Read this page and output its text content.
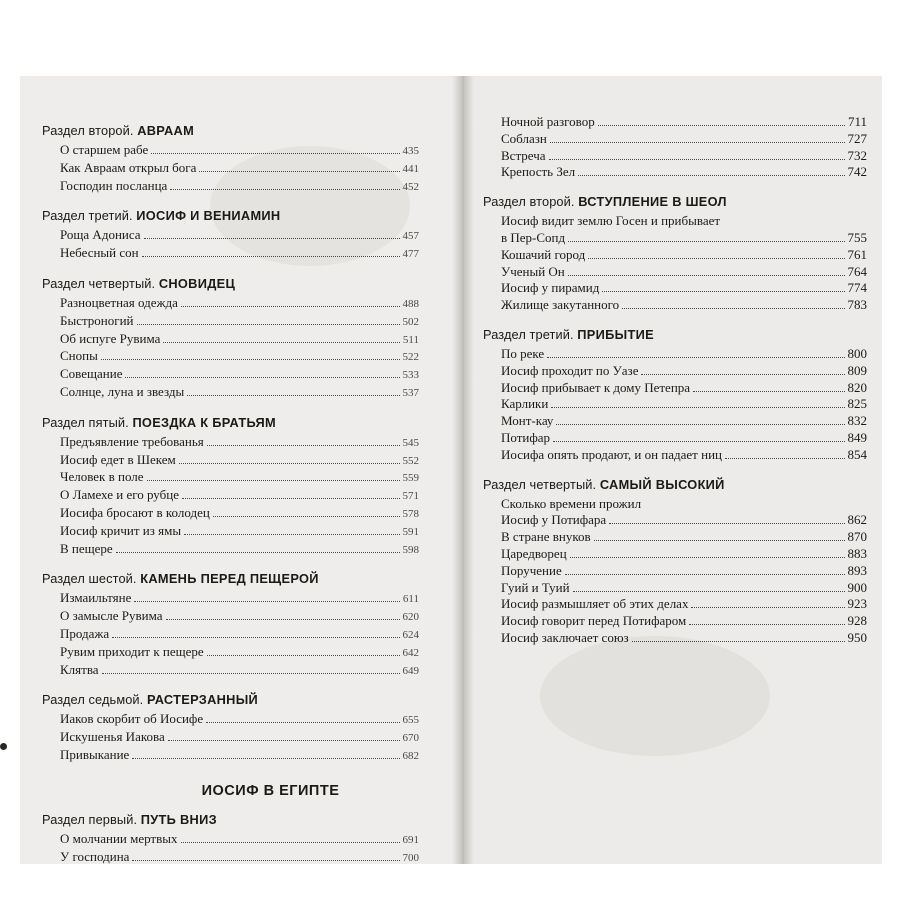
Раздел второй. АВРААМ
О старшем рабе	435
Как Авраам открыл бога	441
Господин посланца	452
Раздел третий. ИОСИФ И ВЕНИАМИН
Роща Адониса	457
Небесный сон	477
Раздел четвертый. СНОВИДЕЦ
Разноцветная одежда	488
Быстроногий	502
Об испуге Рувима	511
Снопы	522
Совещание	533
Солнце, луна и звезды	537
Раздел пятый. ПОЕЗДКА К БРАТЬЯМ
Предъявление требованья	545
Иосиф едет в Шекем	552
Человек в поле	559
О Ламехе и его рубце	571
Иосифа бросают в колодец	578
Иосиф кричит из ямы	591
В пещере	598
Раздел шестой. КАМЕНЬ ПЕРЕД ПЕЩЕРОЙ
Измаильтяне	611
О замысле Рувима	620
Продажа	624
Рувим приходит к пещере	642
Клятва	649
Раздел седьмой. РАСТЕРЗАННЫЙ
Иаков скорбит об Иосифе	655
Искушенья Иакова	670
Привыкание	682
ИОСИФ В ЕГИПТЕ
Раздел первый. ПУТЬ ВНИЗ
О молчании мертвых	691
У господина	700
Ночной разговор	711
Соблазн	727
Встреча	732
Крепость Зел	742
Раздел второй. ВСТУПЛЕНИЕ В ШЕОЛ
Иосиф видит землю Госен и прибывает
в Пер-Сопд	755
Кошачий город	761
Ученый Он	764
Иосиф у пирамид	774
Жилище закутанного	783
Раздел третий. ПРИБЫТИЕ
По реке	800
Иосиф проходит по Уазе	809
Иосиф прибывает к дому Петепра	820
Карлики	825
Монт-кау	832
Потифар	849
Иосифа опять продают, и он падает ниц	854
Раздел четвертый. САМЫЙ ВЫСОКИЙ
Сколько времени прожил
Иосиф у Потифара	862
В стране внуков	870
Царедворец	883
Поручение	893
Гуий и Туий	900
Иосиф размышляет об этих делах	923
Иосиф говорит перед Потифаром	928
Иосиф заключает союз	950
